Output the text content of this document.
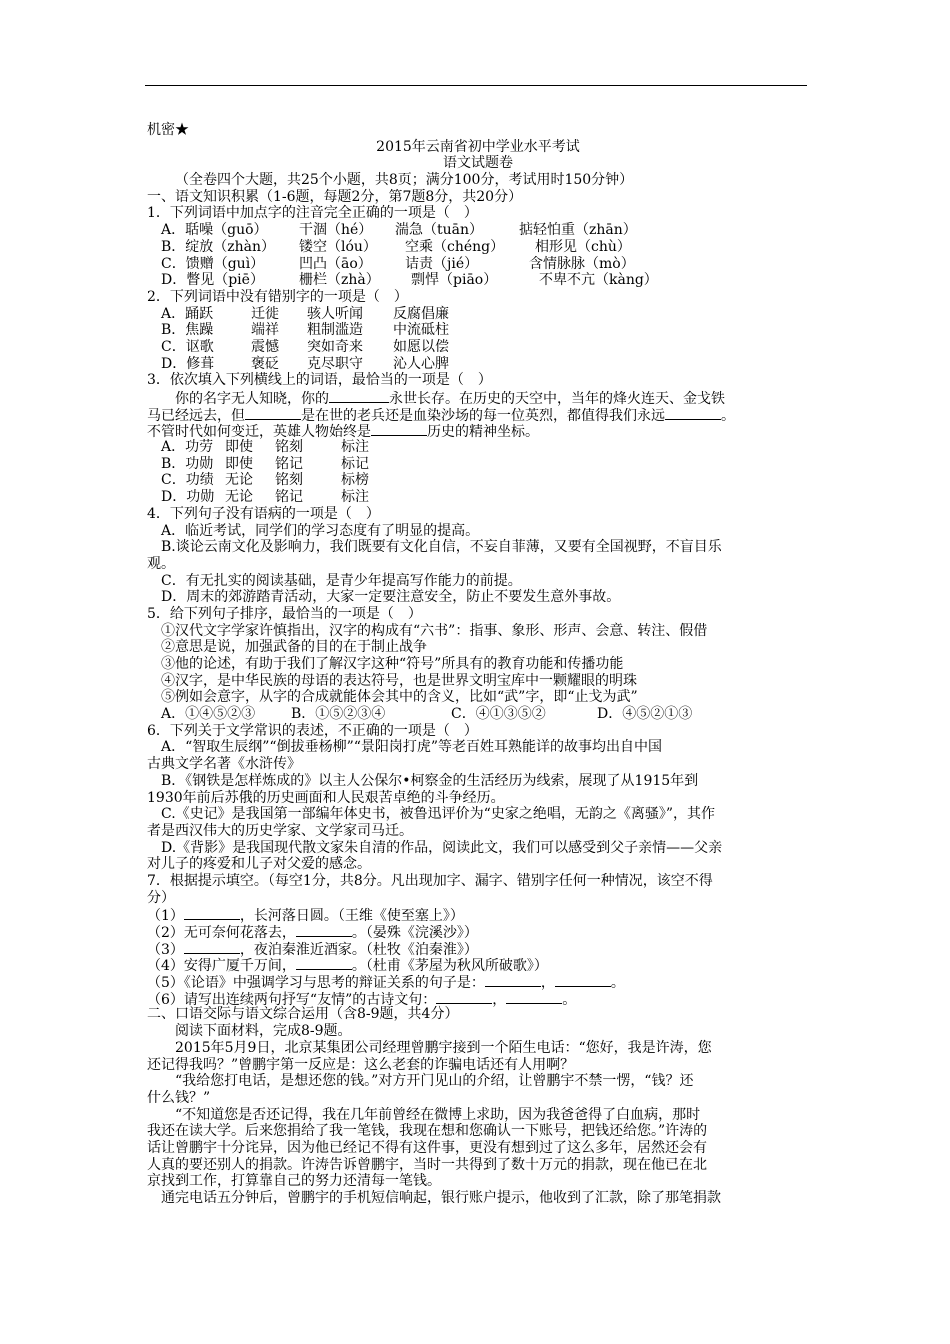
机密★
2015年云南省初中学业水平考试
语文试题卷
（全卷四个大题，共25个小题，共8页；满分100分，考试用时150分钟）
一、语文知识积累（1-6题，每题2分，第7题8分，共20分）
1．下列词语中加点字的注音完全正确的一项是（　）
A．聒噪（guō） 干涸（hé） 湍急（tuān）	掂轻怕重（zhān）
B．绽放（zhàn） 镂空（lóu） 空乘（chéng） 相形见（chù）
C．馈赠（guì） 凹凸（āo） 诘责（jié）	含情脉脉（mò）
D．瞥见（piē）	栅栏（zhà） 剽悍（piāo）	不卑不亢（kàng）
2．下列词语中没有错别字的一项是（　）
A．踊跃	迁徙 骇人听闻 反腐倡廉
B．焦躁	端祥 粗制滥造 中流砥柱
C．讴歌	震憾 突如奇来 如愿以偿
D．修葺	褒砭 克尽职守 沁人心脾
3．依次填入下列横线上的词语，最恰当的一项是（　）
你的名字无人知晓，你的	永世长存。在历史的天空中，当年的烽火连天、金戈铁
马已经远去，但	是在世的老兵还是血染沙场的每一位英烈，都值得我们永远	。
不管时代如何变迁，英雄人物始终是	历史的精神坐标。
A．功劳 即使 铭刻	标注
B．功勋 即使 铭记	标记
C．功绩 无论 铭刻	标榜
D．功勋 无论 铭记	标注
4．下列句子没有语病的一项是（　）
A．临近考试，同学们的学习态度有了明显的提高。
B.谈论云南文化及影响力，我们既要有文化自信，不妄自菲薄，又要有全国视野，不盲目乐
观。
C．有无扎实的阅读基础，是青少年提高写作能力的前提。
D．周末的郊游踏青活动，大家一定要注意安全，防止不要发生意外事故。
5．给下列句子排序，最恰当的一项是（　）
①汉代文字学家许慎指出，汉字的构成有“六书”：指事、象形、形声、会意、转注、假借
②意思是说，加强武备的目的在于制止战争
③他的论述，有助于我们了解汉字这种“符号”所具有的教育功能和传播功能
④汉字，是中华民族的母语的表达符号，也是世界文明宝库中一颗耀眼的明珠
⑤例如会意字，从字的合成就能体会其中的含义，比如“武”字，即“止戈为武”
A．①④⑤②③	B．①⑤②③④	C．④①③⑤②	D．④⑤②①③
6．下列关于文学常识的表述，不正确的一项是（　）
A．“智取生辰纲”“倒拔垂杨柳”“景阳岗打虎”等老百姓耳熟能详的故事均出自中国
古典文学名著《水浒传》
B．《钢铁是怎样炼成的》以主人公保尔•柯察金的生活经历为线索，展现了从1915年到
1930年前后苏俄的历史画面和人民艰苦卓绝的斗争经历。
C.《史记》是我国第一部编年体史书，被鲁迅评价为“史家之绝唱，无韵之《离骚》”，其作
者是西汉伟大的历史学家、文学家司马迁。
D.《背影》是我国现代散文家朱自清的作品，阅读此文，我们可以感受到父子亲情——父亲
对儿子的疼爱和儿子对父爱的感念。
7．根据提示填空。（每空1分，共8分。凡出现加字、漏字、错别字任何一种情况，该空不得
分）
（1）	，长河落日圆。（王维《使至塞上》）
（2）无可奈何花落去，	。（晏殊《浣溪沙》）
（3）	，夜泊秦淮近酒家。（杜牧《泊秦淮》）
（4）安得广厦千万间，	。（杜甫《茅屋为秋风所破歌》）
（5）《论语》中强调学习与思考的辩证关系的句子是：	，	。
（6）请写出连续两句抒写“友情”的古诗文句：	，	。
二、口语交际与语文综合运用（含8-9题，共4分）
阅读下面材料，完成8-9题。
2015年5月9日，北京某集团公司经理曾鹏宇接到一个陌生电话：“您好，我是许涛，您
还记得我吗？”曾鹏宇第一反应是：这么老套的诈骗电话还有人用啊？
“我给您打电话，是想还您的钱。”对方开门见山的介绍，让曾鹏宇不禁一愣，“钱？还
什么钱？”
“不知道您是否还记得，我在几年前曾经在微博上求助，因为我爸爸得了白血病，那时
我还在读大学。后来您捐给了我一笔钱，我现在想和您确认一下账号，把钱还给您。”许涛的
话让曾鹏宇十分诧异，因为他已经记不得有这件事，更没有想到过了这么多年，居然还会有
人真的要还别人的捐款。许涛告诉曾鹏宇，当时一共得到了数十万元的捐款，现在他已在北
京找到工作，打算靠自己的努力还清每一笔钱。
通完电话五分钟后，曾鹏宇的手机短信响起，银行账户提示，他收到了汇款，除了那笔捐款
